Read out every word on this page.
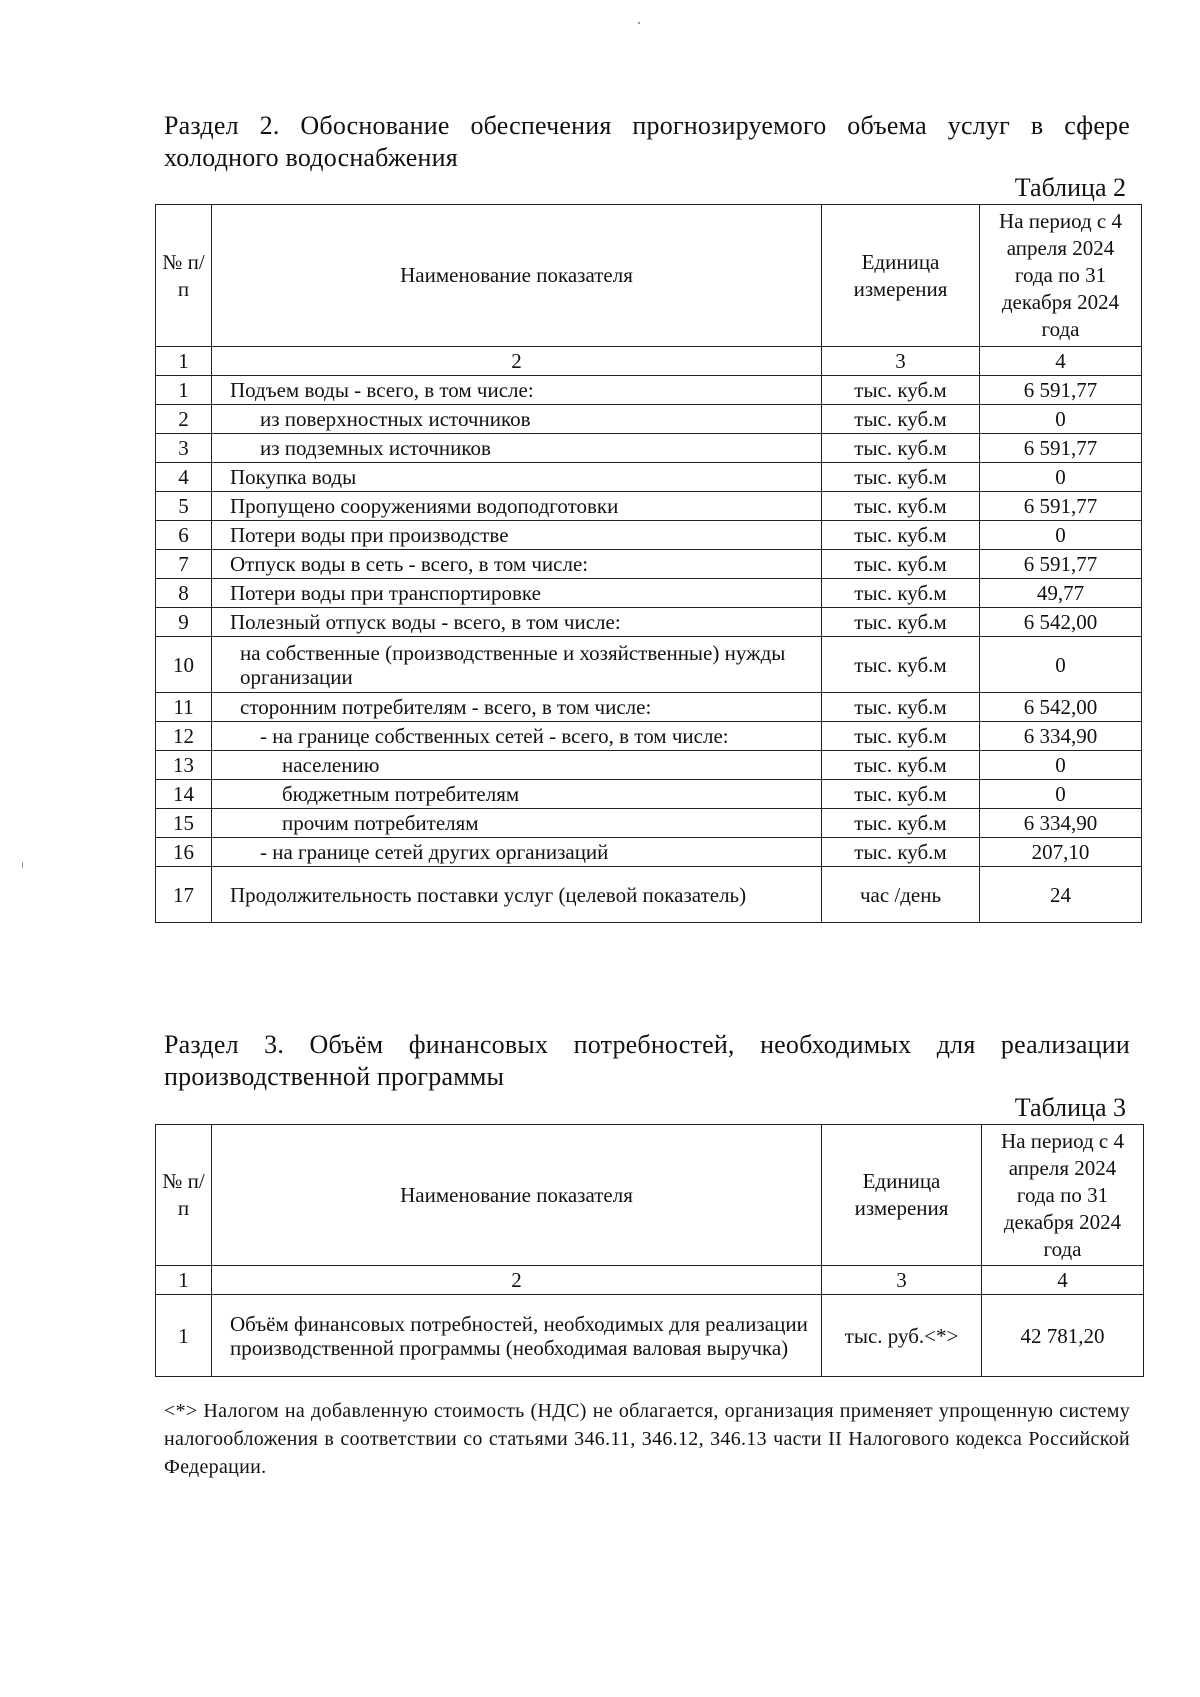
Раздел 2. Обоснование обеспечения прогнозируемого объема услуг в сфере холодного водоснабжения
Таблица 2
№ п/п	Наименование показателя	Единица измерения	На период с 4 апреля 2024 года по 31 декабря 2024 года
1	2	3	4
1	Подъем воды - всего, в том числе:	тыс. куб.м	6 591,77
2	из поверхностных источников	тыс. куб.м	0
3	из подземных источников	тыс. куб.м	6 591,77
4	Покупка воды	тыс. куб.м	0
5	Пропущено сооружениями водоподготовки	тыс. куб.м	6 591,77
6	Потери воды при производстве	тыс. куб.м	0
7	Отпуск воды в сеть - всего, в том числе:	тыс. куб.м	6 591,77
8	Потери воды при транспортировке	тыс. куб.м	49,77
9	Полезный отпуск воды - всего, в том числе:	тыс. куб.м	6 542,00
10	на собственные (производственные и хозяйственные) нужды организации	тыс. куб.м	0
11	сторонним потребителям - всего, в том числе:	тыс. куб.м	6 542,00
12	- на границе собственных сетей - всего, в том числе:	тыс. куб.м	6 334,90
13	населению	тыс. куб.м	0
14	бюджетным потребителям	тыс. куб.м	0
15	прочим потребителям	тыс. куб.м	6 334,90
16	- на границе сетей других организаций	тыс. куб.м	207,10
17	Продолжительность поставки услуг (целевой показатель)	час /день	24
Раздел 3. Объём финансовых потребностей, необходимых для реализации производственной программы
Таблица 3
№ п/п	Наименование показателя	Единица измерения	На период с 4 апреля 2024 года по 31 декабря 2024 года
1	2	3	4
1	Объём финансовых потребностей, необходимых для реализации производственной программы (необходимая валовая выручка)	тыс. руб.<*>	42 781,20
<*> Налогом на добавленную стоимость (НДС) не облагается, организация применяет упрощенную систему налогообложения в соответствии со статьями 346.11, 346.12, 346.13 части II Налогового кодекса Российской Федерации.
